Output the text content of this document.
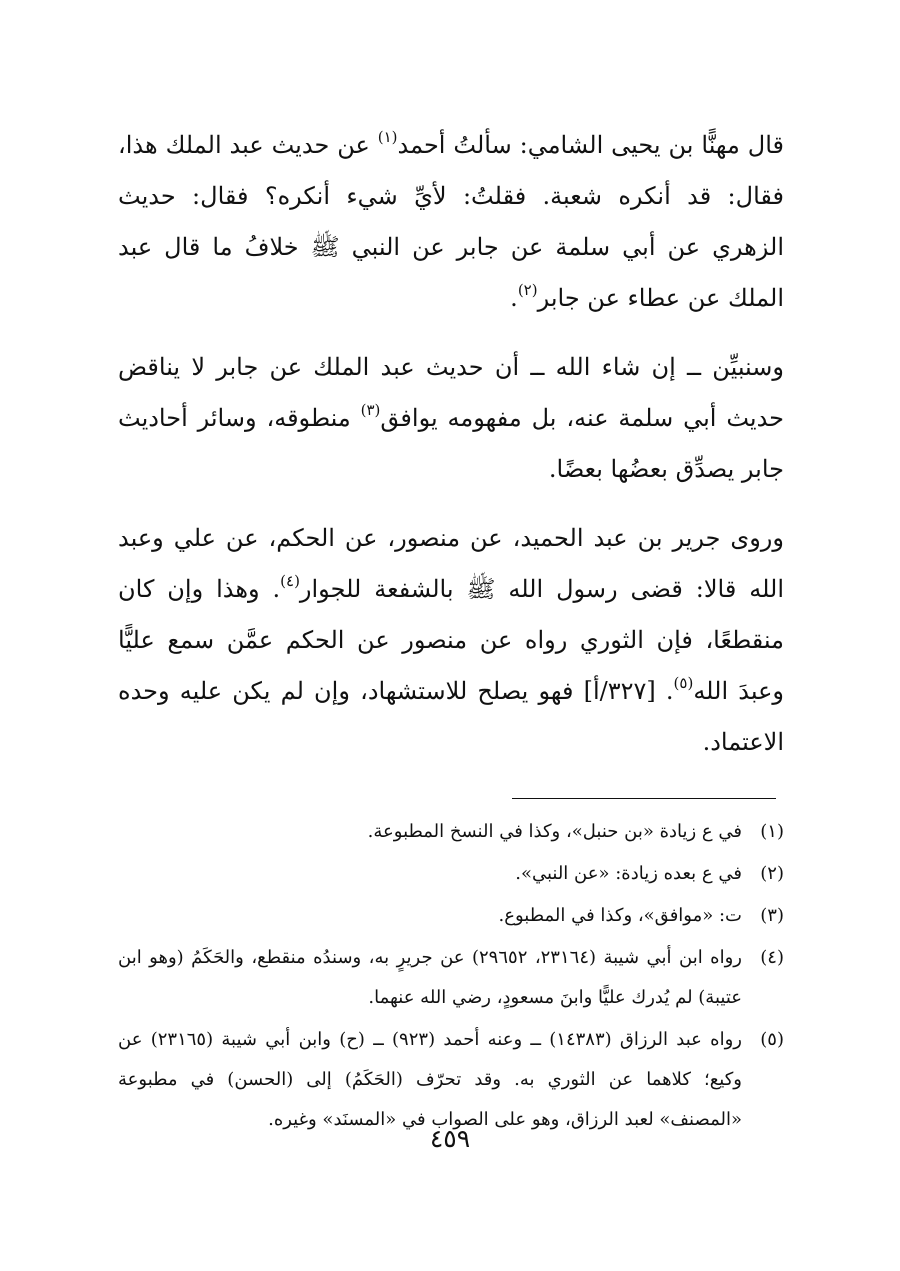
قال مهنًّا بن يحيى الشامي: سألتُ أحمد$^{(١)}$ عن حديث عبد الملك هذا، فقال: قد أنكره شعبة. فقلتُ: لأيِّ شيء أنكره؟ فقال: حديث الزهري عن أبي سلمة عن جابر عن النبي ﷺ خلافُ ما قال عبد الملك عن عطاء عن جابر$^{(٢)}$.

وسنبيِّن ــ إن شاء الله ــ أن حديث عبد الملك عن جابر لا يناقض حديث أبي سلمة عنه، بل مفهومه يوافق$^{(٣)}$ منطوقه، وسائر أحاديث جابر يصدِّق بعضُها بعضًا.

وروى جرير بن عبد الحميد، عن منصور، عن الحكم، عن علي وعبد الله قالا: قضى رسول الله ﷺ بالشفعة للجوار$^{(٤)}$. وهذا وإن كان منقطعًا، فإن الثوري رواه عن منصور عن الحكم عمَّن سمع عليًّا وعبدَ الله$^{(٥)}$. [٣٢٧/أ] فهو يصلح للاستشهاد، وإن لم يكن عليه وحده الاعتماد.

(١)
في ع زيادة «بن حنبل»، وكذا في النسخ المطبوعة.
(٢)
في ع بعده زيادة: «عن النبي».
(٣)
ت: «موافق»، وكذا في المطبوع.
(٤)
رواه ابن أبي شيبة (٢٣١٦٤، ٢٩٦٥٢) عن جريرٍ به، وسندُه منقطع، والحَكَمُ (وهو ابن عتيبة) لم يُدرك عليًّا وابنَ مسعودٍ، رضي الله عنهما.
(٥)
رواه عبد الرزاق (١٤٣٨٣) ــ وعنه أحمد (٩٢٣) ــ (ح) وابن أبي شيبة (٢٣١٦٥) عن وكيع؛ كلاهما عن الثوري به. وقد تحرّف (الحَكَمُ) إلى (الحسن) في مطبوعة «المصنف» لعبد الرزاق، وهو على الصواب في «المسنَد» وغيره.
٤٥٩
